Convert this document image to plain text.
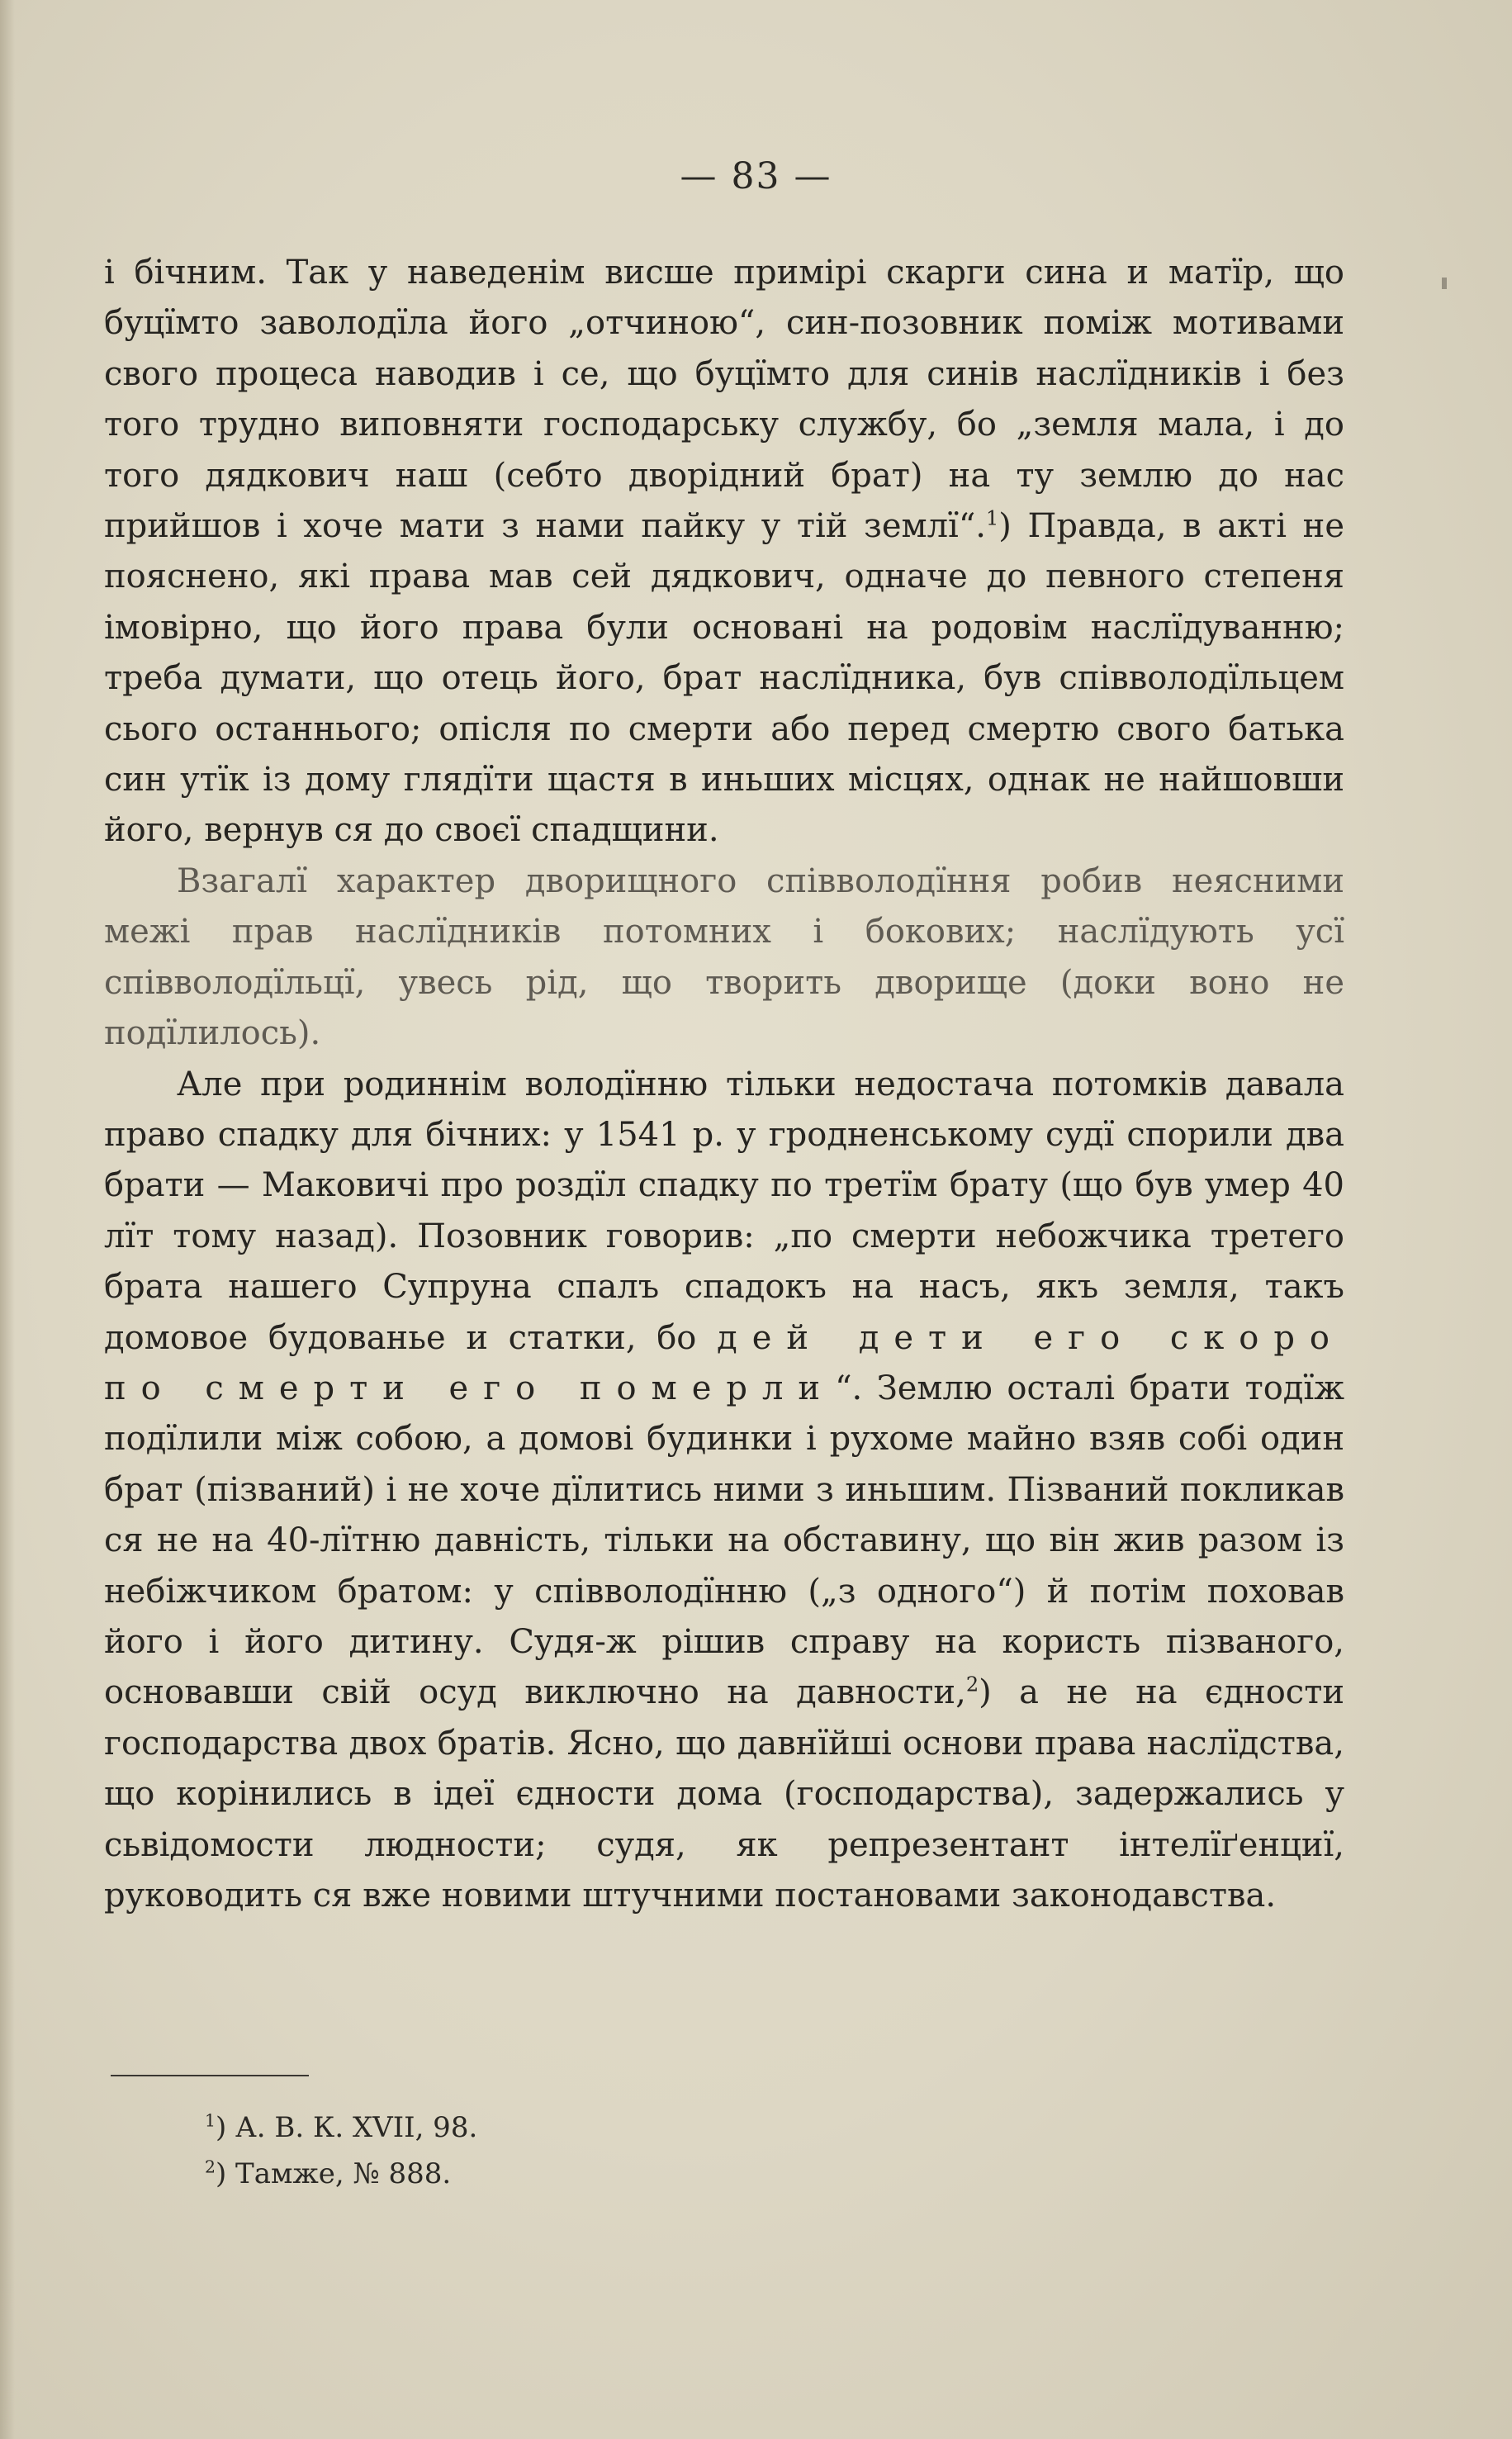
— 83 —

і бічним. Так у наведенім висше примірі скарги сина и матїр, що буцїмто заволодїла його „отчиною“, син-позовник поміж мотивами свого процеса наводив і се, що буцїмто для синів наслїдників і без того трудно виповняти господарську службу, бо „земля мала, і до того дядкович наш (себто дворідний брат) на ту землю до нас прийшов і хоче мати з нами пайку у тій землї“.$^1$) Правда, в акті не пояснено, які права мав сей дядкович, одначе до певного степеня імовірно, що його права були основані на родовім наслїдуванню; треба думати, що отець його, брат наслїдника, був співволодїльцем сього останнього; опісля по смерти або перед смертю свого батька син утїк із дому глядїти щастя в иньших місцях, однак не найшовши його, вернув ся до своєї спадщини.

Взагалї характер дворищного співволодїння робив неясними межі прав наслїдників потомних і бокових; наслїдують усї співволодїльцї, увесь рід, що творить дворище (доки воно не подїлилось).

Але при родиннім володїнню тільки недостача потомків давала право спадку для бічних: у 1541 р. у гродненському судї спорили два брати — Маковичі про роздїл спадку по третїм брату (що був умер 40 лїт тому назад). Позовник говорив: „по смерти небожчика третего брата нашего Супруна спалъ спадокъ на насъ, якъ земля, такъ домовое будованье и статки, бо дей дети его скоро по смерти его померли“. Землю осталі брати тодїж подїлили між собою, а домові будинки і рухоме майно взяв собі один брат (пізваний) і не хоче дїлитись ними з иньшим. Пізваний покликав ся не на 40-лїтню давність, тільки на обставину, що він жив разом із небіжчиком братом: у співволодїнню („з одного“) й потім поховав його і його дитину. Судя-ж рішив справу на користь пізваного, основавши свій осуд виключно на давности,$^2$) а не на єдности господарства двох братів. Ясно, що давнїйші основи права наслїдства, що корінились в ідеї єдности дома (господарства), задержались у сьвідомости людности; судя, як репрезентант інтелїґенциї, руководить ся вже новими штучними постановами законодавства.

$^1$) А. В. К. XVII, 98.
$^2$) Тамже, № 888.
